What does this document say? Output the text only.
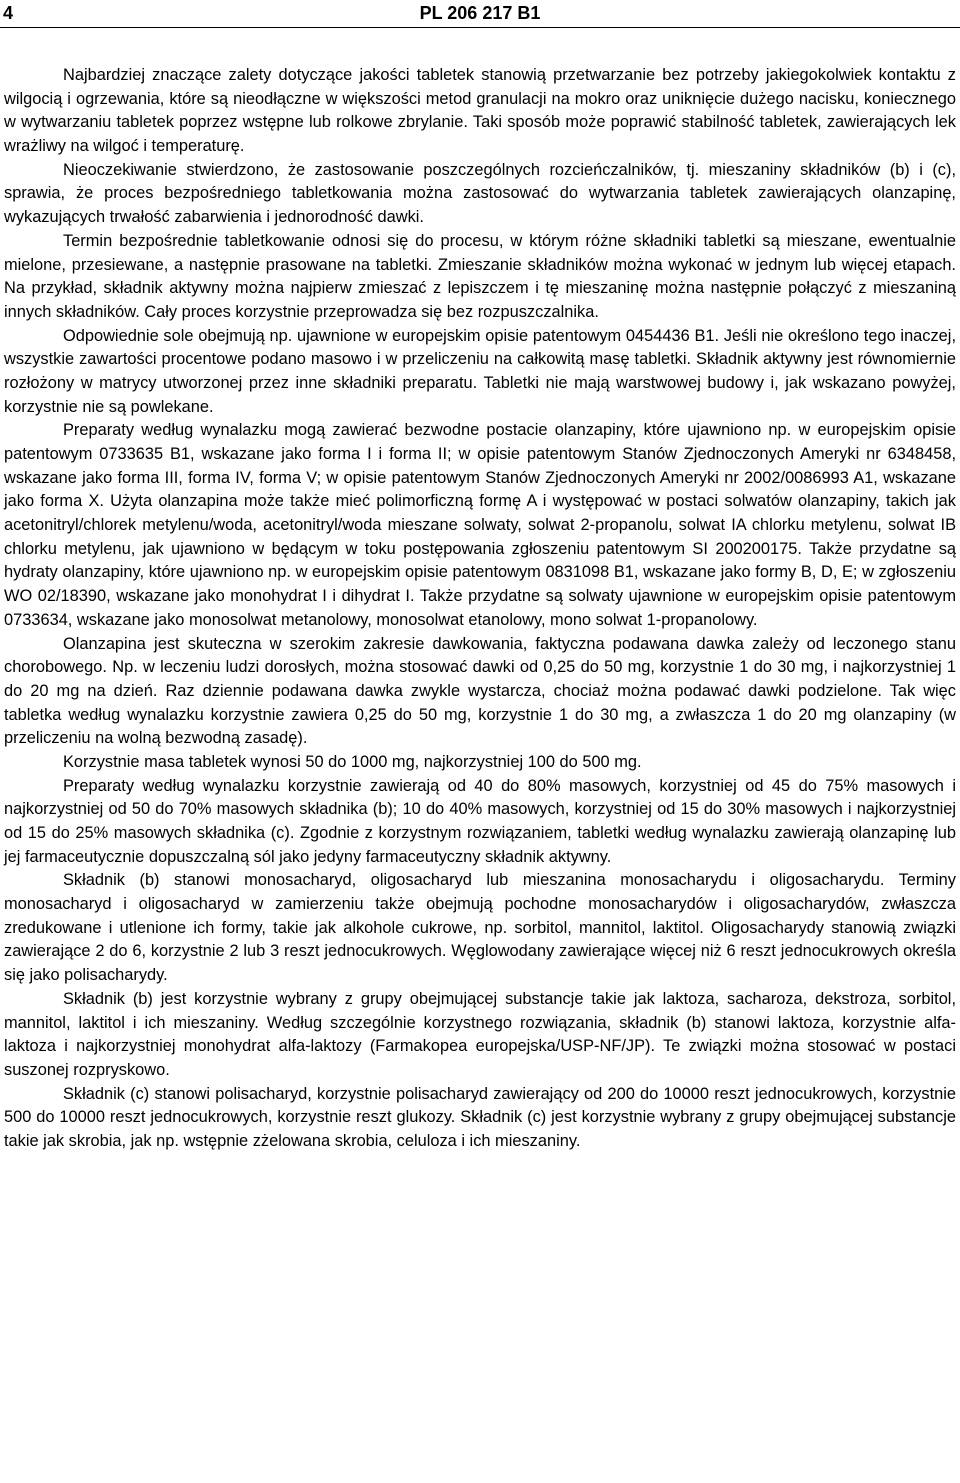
4	PL 206 217 B1

Najbardziej znaczące zalety dotyczące jakości tabletek stanowią przetwarzanie bez potrzeby jakiegokolwiek kontaktu z wilgocią i ogrzewania, które są nieodłączne w większości metod granulacji na mokro oraz uniknięcie dużego nacisku, koniecznego w wytwarzaniu tabletek poprzez wstępne lub rolkowe zbrylanie. Taki sposób może poprawić stabilność tabletek, zawierających lek wrażliwy na wilgoć i temperaturę.

Nieoczekiwanie stwierdzono, że zastosowanie poszczególnych rozcieńczalników, tj. mieszaniny składników (b) i (c), sprawia, że proces bezpośredniego tabletkowania można zastosować do wytwarzania tabletek zawierających olanzapinę, wykazujących trwałość zabarwienia i jednorodność dawki.

Termin bezpośrednie tabletkowanie odnosi się do procesu, w którym różne składniki tabletki są mieszane, ewentualnie mielone, przesiewane, a następnie prasowane na tabletki. Zmieszanie składników można wykonać w jednym lub więcej etapach. Na przykład, składnik aktywny można najpierw zmieszać z lepiszczem i tę mieszaninę można następnie połączyć z mieszaniną innych składników. Cały proces korzystnie przeprowadza się bez rozpuszczalnika.

Odpowiednie sole obejmują np. ujawnione w europejskim opisie patentowym 0454436 B1. Jeśli nie określono tego inaczej, wszystkie zawartości procentowe podano masowo i w przeliczeniu na całkowitą masę tabletki. Składnik aktywny jest równomiernie rozłożony w matrycy utworzonej przez inne składniki preparatu. Tabletki nie mają warstwowej budowy i, jak wskazano powyżej, korzystnie nie są powlekane.

Preparaty według wynalazku mogą zawierać bezwodne postacie olanzapiny, które ujawniono np. w europejskim opisie patentowym 0733635 B1, wskazane jako forma I i forma II; w opisie patentowym Stanów Zjednoczonych Ameryki nr 6348458, wskazane jako forma III, forma IV, forma V; w opisie patentowym Stanów Zjednoczonych Ameryki nr 2002/0086993 A1, wskazane jako forma X. Użyta olanzapina może także mieć polimorficzną formę A i występować w postaci solwatów olanzapiny, takich jak acetonitryl/chlorek metylenu/woda, acetonitryl/woda mieszane solwaty, solwat 2-propanolu, solwat IA chlorku metylenu, solwat IB chlorku metylenu, jak ujawniono w będącym w toku postępowania zgłoszeniu patentowym SI 200200175. Także przydatne są hydraty olanzapiny, które ujawniono np. w europejskim opisie patentowym 0831098 B1, wskazane jako formy B, D, E; w zgłoszeniu WO 02/18390, wskazane jako monohydrat I i dihydrat I. Także przydatne są solwaty ujawnione w europejskim opisie patentowym 0733634, wskazane jako monosolwat metanolowy, monosolwat etanolowy, mono solwat 1-propanolowy.

Olanzapina jest skuteczna w szerokim zakresie dawkowania, faktyczna podawana dawka zależy od leczonego stanu chorobowego. Np. w leczeniu ludzi dorosłych, można stosować dawki od 0,25 do 50 mg, korzystnie 1 do 30 mg, i najkorzystniej 1 do 20 mg na dzień. Raz dziennie podawana dawka zwykle wystarcza, chociaż można podawać dawki podzielone. Tak więc tabletka według wynalazku korzystnie zawiera 0,25 do 50 mg, korzystnie 1 do 30 mg, a zwłaszcza 1 do 20 mg olanzapiny (w przeliczeniu na wolną bezwodną zasadę).

Korzystnie masa tabletek wynosi 50 do 1000 mg, najkorzystniej 100 do 500 mg.

Preparaty według wynalazku korzystnie zawierają od 40 do 80% masowych, korzystniej od 45 do 75% masowych i najkorzystniej od 50 do 70% masowych składnika (b); 10 do 40% masowych, korzystniej od 15 do 30% masowych i najkorzystniej od 15 do 25% masowych składnika (c). Zgodnie z korzystnym rozwiązaniem, tabletki według wynalazku zawierają olanzapinę lub jej farmaceutycznie dopuszczalną sól jako jedyny farmaceutyczny składnik aktywny.

Składnik (b) stanowi monosacharyd, oligosacharyd lub mieszanina monosacharydu i oligosacharydu. Terminy monosacharyd i oligosacharyd w zamierzeniu także obejmują pochodne monosacharydów i oligosacharydów, zwłaszcza zredukowane i utlenione ich formy, takie jak alkohole cukrowe, np. sorbitol, mannitol, laktitol. Oligosacharydy stanowią związki zawierające 2 do 6, korzystnie 2 lub 3 reszt jednocukrowych. Węglowodany zawierające więcej niż 6 reszt jednocukrowych określa się jako polisacharydy.

Składnik (b) jest korzystnie wybrany z grupy obejmującej substancje takie jak laktoza, sacharoza, dekstroza, sorbitol, mannitol, laktitol i ich mieszaniny. Według szczególnie korzystnego rozwiązania, składnik (b) stanowi laktoza, korzystnie alfa-laktoza i najkorzystniej monohydrat alfa-laktozy (Farmakopea europejska/USP-NF/JP). Te związki można stosować w postaci suszonej rozpryskowo.

Składnik (c) stanowi polisacharyd, korzystnie polisacharyd zawierający od 200 do 10000 reszt jednocukrowych, korzystnie 500 do 10000 reszt jednocukrowych, korzystnie reszt glukozy. Składnik (c) jest korzystnie wybrany z grupy obejmującej substancje takie jak skrobia, jak np. wstępnie zżelowana skrobia, celuloza i ich mieszaniny.
